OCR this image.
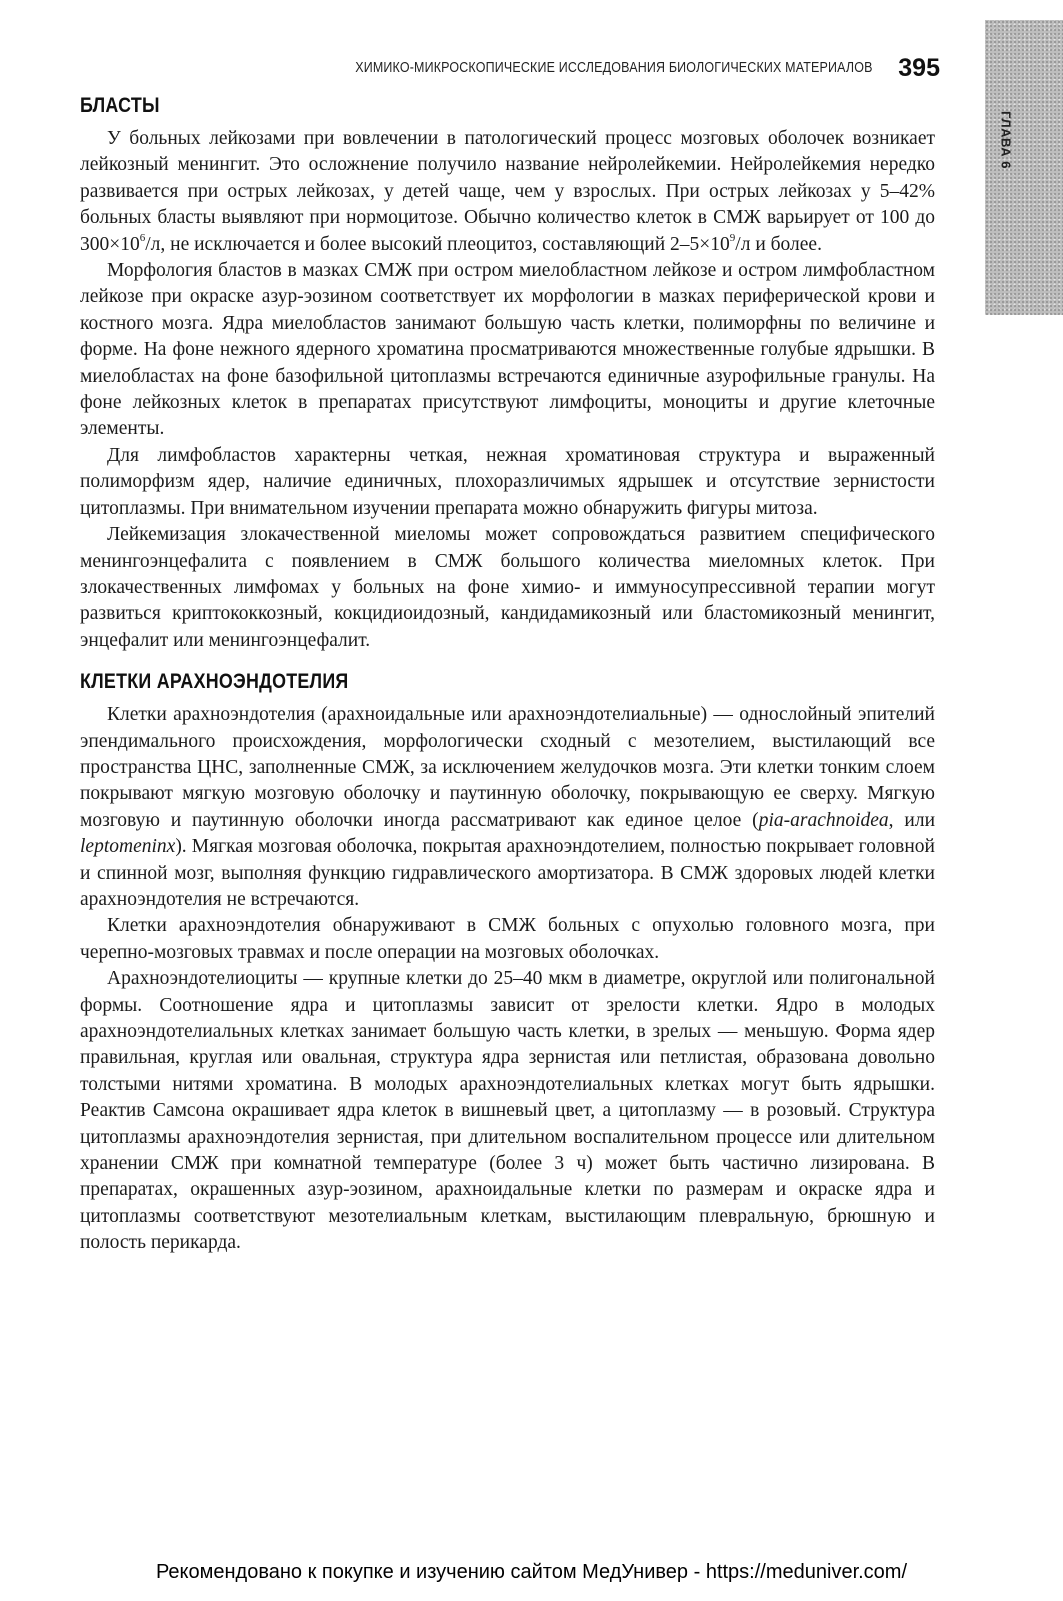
ГЛАВА 6
ХИМИКО-МИКРОСКОПИЧЕСКИЕ ИССЛЕДОВАНИЯ БИОЛОГИЧЕСКИХ МАТЕРИАЛОВ 395
БЛАСТЫ

У больных лейкозами при вовлечении в патологический процесс мозговых оболочек возникает лейкозный менингит. Это осложнение получило название нейролейкемии. Нейролейкемия нередко развивается при острых лейкозах, у детей чаще, чем у взрослых. При острых лейкозах у 5–42% больных бласты выявляют при нормоцитозе. Обычно количество клеток в СМЖ варьирует от 100 до $300\times 10^6/л$, не исключается и более высокий плеоцитоз, составляющий $2-5\times 10^9/л$ и более.

Морфология бластов в мазках СМЖ при остром миелобластном лейкозе и остром лимфобластном лейкозе при окраске азур-эозином соответствует их морфологии в мазках периферической крови и костного мозга. Ядра миелобластов занимают большую часть клетки, полиморфны по величине и форме. На фоне нежного ядерного хроматина просматриваются множественные голубые ядрышки. В миелобластах на фоне базофильной цитоплазмы встречаются единичные азурофильные гранулы. На фоне лейкозных клеток в препаратах присутствуют лимфоциты, моноциты и другие клеточные элементы.

Для лимфобластов характерны четкая, нежная хроматиновая структура и выраженный полиморфизм ядер, наличие единичных, плохоразличимых ядрышек и отсутствие зернистости цитоплазмы. При внимательном изучении препарата можно обнаружить фигуры митоза.

Лейкемизация злокачественной миеломы может сопровождаться развитием специфического менингоэнцефалита с появлением в СМЖ большого количества миеломных клеток. При злокачественных лимфомах у больных на фоне химио- и иммуносупрессивной терапии могут развиться криптококкозный, кокцидиоидозный, кандидамикозный или бластомикозный менингит, энцефалит или менингоэнцефалит.

КЛЕТКИ АРАХНОЭНДОТЕЛИЯ

Клетки арахноэндотелия (арахноидальные или арахноэндотелиальные) — однослойный эпителий эпендимального происхождения, морфологически сходный с мезотелием, выстилающий все пространства ЦНС, заполненные СМЖ, за исключением желудочков мозга. Эти клетки тонким слоем покрывают мягкую мозговую оболочку и паутинную оболочку, покрывающую ее сверху. Мягкую мозговую и паутинную оболочки иногда рассматривают как единое целое (pia-arachnoidea, или leptomeninx). Мягкая мозговая оболочка, покрытая арахноэндотелием, полностью покрывает головной и спинной мозг, выполняя функцию гидравлического амортизатора. В СМЖ здоровых людей клетки арахноэндотелия не встречаются.

Клетки арахноэндотелия обнаруживают в СМЖ больных с опухолью головного мозга, при черепно-мозговых травмах и после операции на мозговых оболочках.

Арахноэндотелиоциты — крупные клетки до 25–40 мкм в диаметре, округлой или полигональной формы. Соотношение ядра и цитоплазмы зависит от зрелости клетки. Ядро в молодых арахноэндотелиальных клетках занимает большую часть клетки, в зрелых — меньшую. Форма ядер правильная, круглая или овальная, структура ядра зернистая или петлистая, образована довольно толстыми нитями хроматина. В молодых арахноэндотелиальных клетках могут быть ядрышки. Реактив Самсона окрашивает ядра клеток в вишневый цвет, а цитоплазму — в розовый. Структура цитоплазмы арахноэндотелия зернистая, при длительном воспалительном процессе или длительном хранении СМЖ при комнатной температуре (более 3 ч) может быть частично лизирована. В препаратах, окрашенных азур-эозином, арахноидальные клетки по размерам и окраске ядра и цитоплазмы соответствуют мезотелиальным клеткам, выстилающим плевральную, брюшную и полость перикарда.

Рекомендовано к покупке и изучению сайтом МедУнивер - https://meduniver.com/
